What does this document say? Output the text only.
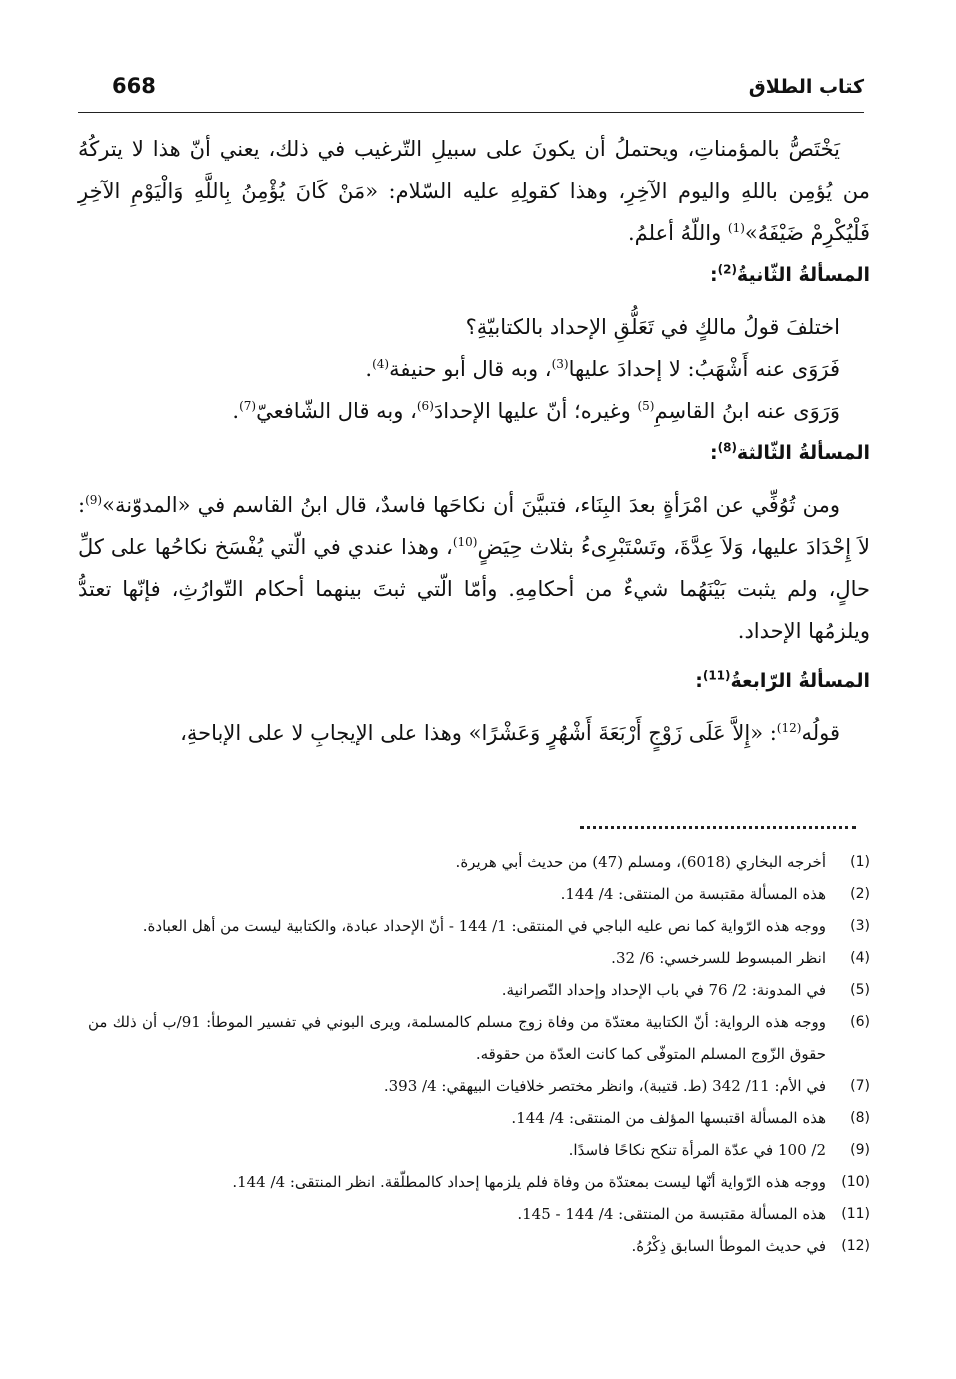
كتاب الطلاق
668

يَخْتَصُّ بالمؤمناتِ، ويحتملُ أن يكونَ على سبيلِ التّرغيب في ذلك، يعني أنّ هذا لا يتركُهُ من يُؤمِن باللهِ واليوم الآخِرِ، وهذا كقولِهِ عليه السّلام: «مَنْ كَانَ يُؤْمِنُ بِاللَّهِ وَالْيَوْمِ الآخِرِ فَلْيُكْرِمْ ضَيْفَهُ»$^{(1)}$ واللّهُ أعلمُ.

المسألةُ الثّانيةُ$^{(2)}$:

اختلفَ قولُ مالكٍ في تَعَلُّقِ الإحداد بالكتابيّةِ؟

فَرَوَى عنه أَشْهَبُ: لا إحدادَ عليها$^{(3)}$، وبه قال أبو حنيفة$^{(4)}$.

وَرَوَى عنه ابنُ القاسِمِ$^{(5)}$ وغيره؛ أنّ عليها الإحدادَ$^{(6)}$، وبه قال الشّافعيّ$^{(7)}$.

المسألةُ الثّالثة$^{(8)}$:

ومن تُوُفِّي عن امْرَأةٍ بعدَ البِنَاء، فتبيَّنَ أن نكاحَها فاسدٌ، قال ابنُ القاسم في «المدوّنة»$^{(9)}$: لاَ إِحْدَادَ عليها، وَلاَ عِدَّةَ، وتَسْتَبْرِىءُ بثلاث حِيَضٍ$^{(10)}$، وهذا عندي في الّتي يُفْسَخ نكاحُها على كلِّ حالٍ، ولم يثبت بَيْنَهُما شيءٌ من أحكامِهِ. وأمّا الّتي ثبتَ بينهما أحكام التّوارُثِ، فإنّها تعتدُّ ويلزمُها الإحداد.

المسألةُ الرّابعةُ$^{(11)}$:

قولُه$^{(12)}$: «إِلاَّ عَلَى زَوْجٍ أَرْبَعَةَ أَشْهُرٍ وَعَشْرًا» وهذا على الإيجابِ لا على الإباحةِ،

(1)
أخرجه البخاري (6018)، ومسلم (47) من حديث أبي هريرة.
(2)
هذه المسألة مقتبسة من المنتقى: 4/ 144.
(3)
ووجه هذه الرّواية كما نص عليه الباجي في المنتقى: 1/ 144 - أنّ الإحداد عبادة، والكتابية ليست من أهل العبادة.
(4)
انظر المبسوط للسرخسي: 6/ 32.
(5)
في المدونة: 2/ 76 في باب الإحداد وإحداد النّصرانية.
(6)
ووجه هذه الرواية: أنّ الكتابية معتدّة من وفاة زوج مسلم كالمسلمة، ويرى البوني في تفسير الموطأ: 91/ب أن ذلك من حقوق الزّوج المسلم المتوفّى كما كانت العدّة من حقوقه.
(7)
في الأم: 11/ 342 (ط. قتيبة)، وانظر مختصر خلافيات البيهقي: 4/ 393.
(8)
هذه المسألة اقتبسها المؤلف من المنتقى: 4/ 144.
(9)
2/ 100 في عدّة المرأة تنكح نكاحًا فاسدًا.
(10)
ووجه هذه الرّواية أنّها ليست بمعتدّة من وفاة فلم يلزمها إحداد كالمطلّقة. انظر المنتقى: 4/ 144.
(11)
هذه المسألة مقتبسة من المنتقى: 4/ 144 - 145.
(12)
في حديث الموطأ السابق ذِكْرُهُ.
